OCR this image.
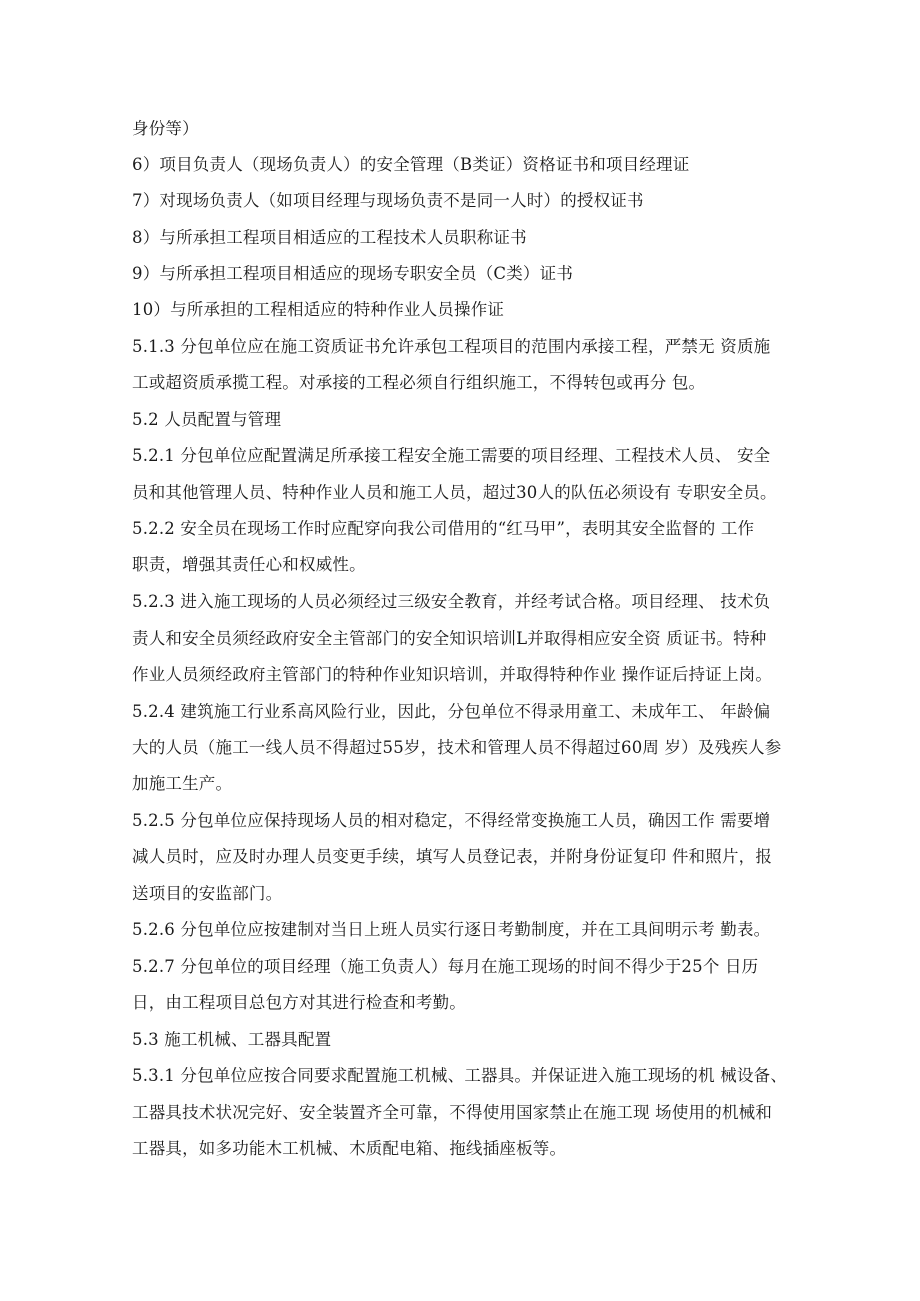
身份等）
6）项目负责人（现场负责人）的安全管理（B类证）资格证书和项目经理证
7）对现场负责人（如项目经理与现场负责不是同一人时）的授权证书
8）与所承担工程项目相适应的工程技术人员职称证书
9）与所承担工程项目相适应的现场专职安全员（C类）证书
10）与所承担的工程相适应的特种作业人员操作证
5.1.3 分包单位应在施工资质证书允许承包工程项目的范围内承接工程，严禁无 资质施
工或超资质承揽工程。对承接的工程必须自行组织施工，不得转包或再分 包。
5.2 人员配置与管理
5.2.1 分包单位应配置满足所承接工程安全施工需要的项目经理、工程技术人员、 安全
员和其他管理人员、特种作业人员和施工人员，超过30人的队伍必须设有 专职安全员。
5.2.2 安全员在现场工作时应配穿向我公司借用的“红马甲”，表明其安全监督的 工作
职责，增强其责任心和权威性。
5.2.3 进入施工现场的人员必须经过三级安全教育，并经考试合格。项目经理、 技术负
责人和安全员须经政府安全主管部门的安全知识培训L并取得相应安全资 质证书。特种
作业人员须经政府主管部门的特种作业知识培训，并取得特种作业 操作证后持证上岗。
5.2.4 建筑施工行业系高风险行业，因此，分包单位不得录用童工、未成年工、 年龄偏
大的人员（施工一线人员不得超过55岁，技术和管理人员不得超过60周 岁）及残疾人参
加施工生产。
5.2.5 分包单位应保持现场人员的相对稳定，不得经常变换施工人员，确因工作 需要增
减人员时，应及时办理人员变更手续，填写人员登记表，并附身份证复印 件和照片，报
送项目的安监部门。
5.2.6 分包单位应按建制对当日上班人员实行逐日考勤制度，并在工具间明示考 勤表。
5.2.7 分包单位的项目经理（施工负责人）每月在施工现场的时间不得少于25个 日历
日，由工程项目总包方对其进行检查和考勤。
5.3 施工机械、工器具配置
5.3.1 分包单位应按合同要求配置施工机械、工器具。并保证进入施工现场的机 械设备、
工器具技术状况完好、安全装置齐全可靠，不得使用国家禁止在施工现 场使用的机械和
工器具，如多功能木工机械、木质配电箱、拖线插座板等。
